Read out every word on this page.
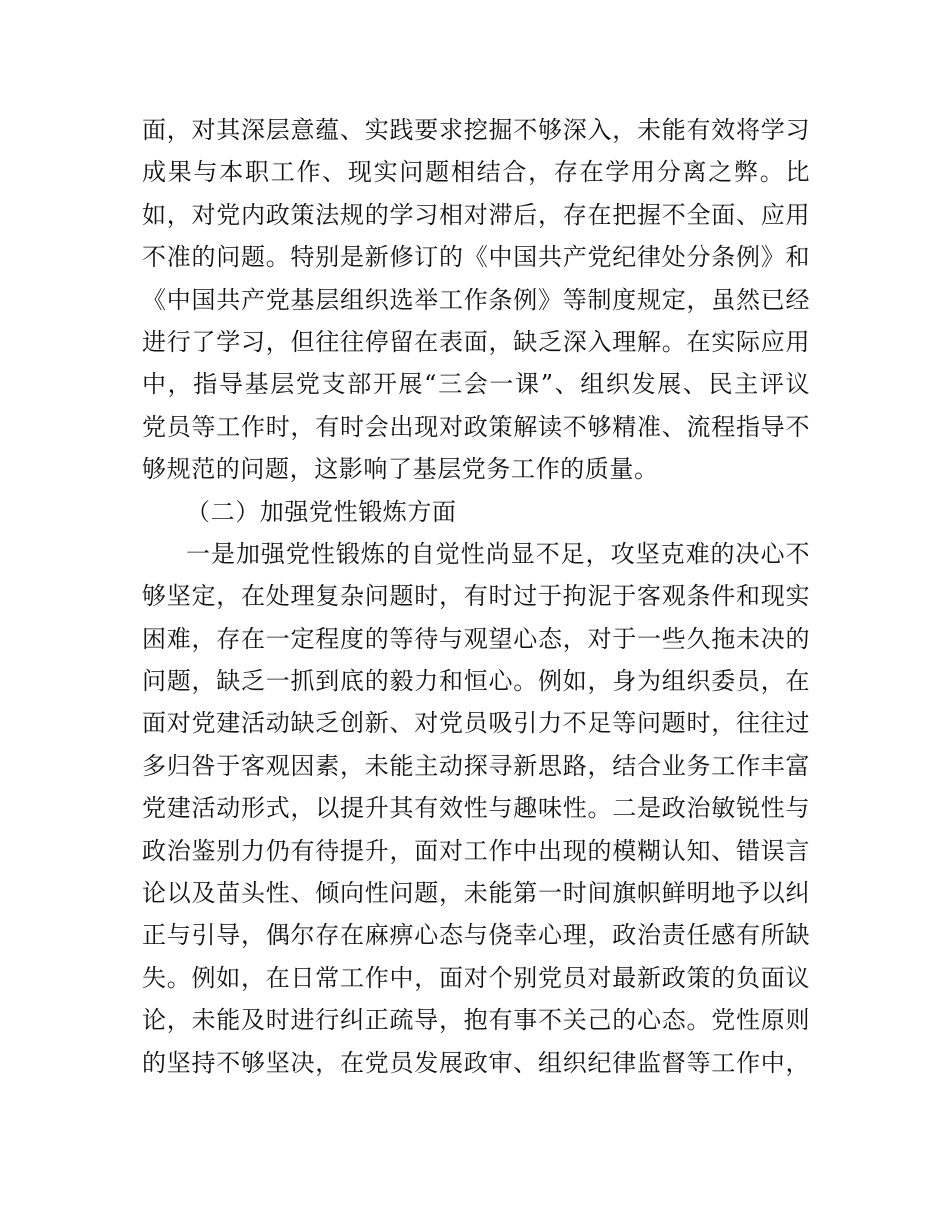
面，对其深层意蕴、实践要求挖掘不够深入，未能有效将学习
成果与本职工作、现实问题相结合，存在学用分离之弊。比
如，对党内政策法规的学习相对滞后，存在把握不全面、应用
不准的问题。特别是新修订的《中国共产党纪律处分条例》和
《中国共产党基层组织选举工作条例》等制度规定，虽然已经
进行了学习，但往往停留在表面，缺乏深入理解。在实际应用
中，指导基层党支部开展“三会一课”、组织发展、民主评议
党员等工作时，有时会出现对政策解读不够精准、流程指导不
够规范的问题，这影响了基层党务工作的质量。
（二）加强党性锻炼方面
一是加强党性锻炼的自觉性尚显不足，攻坚克难的决心不
够坚定，在处理复杂问题时，有时过于拘泥于客观条件和现实
困难，存在一定程度的等待与观望心态，对于一些久拖未决的
问题，缺乏一抓到底的毅力和恒心。例如，身为组织委员，在
面对党建活动缺乏创新、对党员吸引力不足等问题时，往往过
多归咎于客观因素，未能主动探寻新思路，结合业务工作丰富
党建活动形式，以提升其有效性与趣味性。二是政治敏锐性与
政治鉴别力仍有待提升，面对工作中出现的模糊认知、错误言
论以及苗头性、倾向性问题，未能第一时间旗帜鲜明地予以纠
正与引导，偶尔存在麻痹心态与侥幸心理，政治责任感有所缺
失。例如，在日常工作中，面对个别党员对最新政策的负面议
论，未能及时进行纠正疏导，抱有事不关己的心态。党性原则
的坚持不够坚决，在党员发展政审、组织纪律监督等工作中，
